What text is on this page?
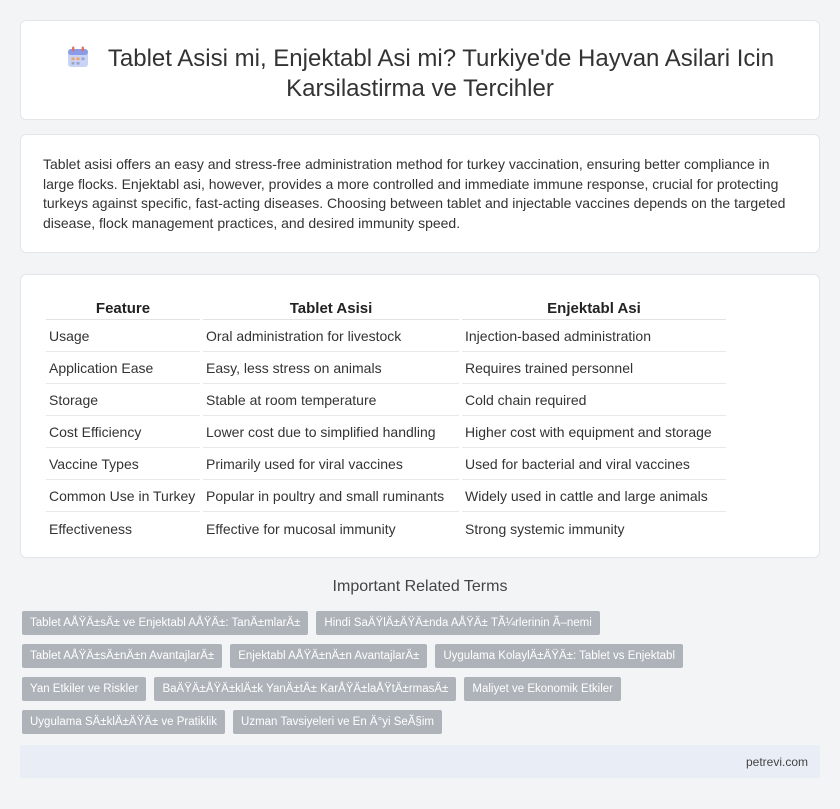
Tablet Asisi mi, Enjektabl Asi mi? Turkiye'de Hayvan Asilari Icin Karsilastirma ve Tercihler

Tablet asisi offers an easy and stress-free administration method for turkey vaccination, ensuring better compliance in large flocks. Enjektabl asi, however, provides a more controlled and immediate immune response, crucial for protecting turkeys against specific, fast-acting diseases. Choosing between tablet and injectable vaccines depends on the targeted disease, flock management practices, and desired immunity speed.

Feature	Tablet Asisi	Enjektabl Asi
Usage	Oral administration for livestock	Injection-based administration
Application Ease	Easy, less stress on animals	Requires trained personnel
Storage	Stable at room temperature	Cold chain required
Cost Efficiency	Lower cost due to simplified handling	Higher cost with equipment and storage
Vaccine Types	Primarily used for viral vaccines	Used for bacterial and viral vaccines
Common Use in Turkey	Popular in poultry and small ruminants	Widely used in cattle and large animals
Effectiveness	Effective for mucosal immunity	Strong systemic immunity
Important Related Terms
Tablet AÅŸÄ±sÄ± ve Enjektabl AÅŸÄ±: TanÄ±mlarÄ±	Hindi SaÄŸlÄ±ÄŸÄ±nda AÅŸÄ± TÃ¼rlerinin Ã–nemi
Tablet AÅŸÄ±sÄ±nÄ±n AvantajlarÄ±	Enjektabl AÅŸÄ±nÄ±n AvantajlarÄ±	Uygulama KolaylÄ±ÄŸÄ±: Tablet vs Enjektabl
Yan Etkiler ve Riskler	BaÄŸÄ±ÅŸÄ±klÄ±k YanÄ±tÄ± KarÅŸÄ±laÅŸtÄ±rmasÄ±	Maliyet ve Ekonomik Etkiler
Uygulama SÄ±klÄ±ÄŸÄ± ve Pratiklik	Uzman Tavsiyeleri ve En Ä°yi SeÃ§im
petrevi.com
